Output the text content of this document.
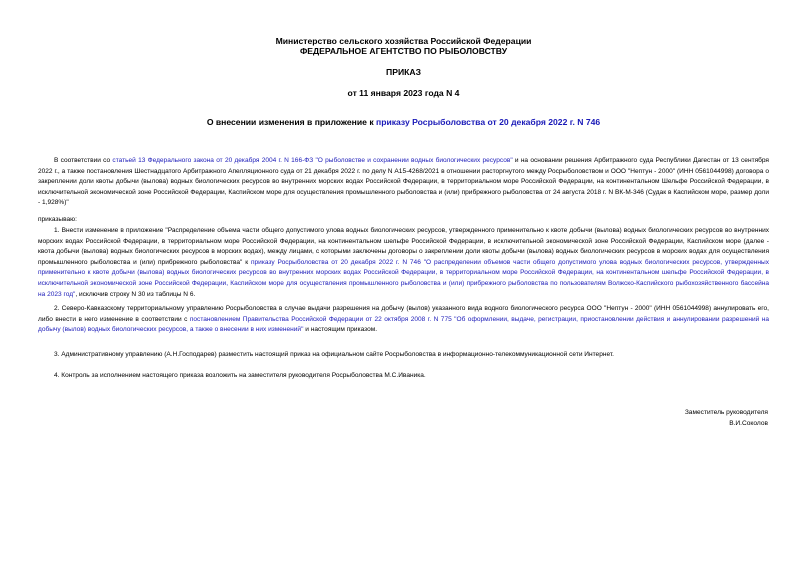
Министерство сельского хозяйства Российской Федерации
ФЕДЕРАЛЬНОЕ АГЕНТСТВО ПО РЫБОЛОВСТВУ
ПРИКАЗ
от 11 января 2023 года N 4
О внесении изменения в приложение к приказу Росрыболовства от 20 декабря 2022 г. N 746
В соответствии со статьей 13 Федерального закона от 20 декабря 2004 г. N 166-ФЗ "О рыболовстве и сохранении водных биологических ресурсов" и на основании решения Арбитражного суда Республики Дагестан от 13 сентября 2022 г., а также постановления Шестнадцатого Арбитражного Апелляционного суда от 21 декабря 2022 г. по делу N А15-4268/2021 в отношении расторгнутого между Росрыболовством и ООО "Нептун - 2000" (ИНН 0561044998) договора о закреплении доли квоты добычи (вылова) водных биологических ресурсов во внутренних морских водах Российской Федерации, в территориальном море Российской Федерации, на континентальном Шельфе Российской Федерации, в исключительной экономической зоне Российской Федерации, Каспийском море для осуществления промышленного рыболовства и (или) прибрежного рыболовства от 24 августа 2018 г. N ВК-М-346 (Судак в Каспийском море, размер доли - 1,928%)"
приказываю:
1. Внести изменение в приложение "Распределение объема части общего допустимого улова водных биологических ресурсов, утвержденного применительно к квоте добычи (вылова) водных биологических ресурсов во внутренних морских водах Российской Федерации, в территориальном море Российской Федерации, на континентальном шельфе Российской Федерации, в исключительной экономической зоне Российской Федерации, Каспийском море (далее - квота добычи (вылова) водных биологических ресурсов в морских водах), между лицами, с которыми заключены договоры о закреплении доли квоты добычи (вылова) водных биологических ресурсов в морских водах для осуществления промышленного рыболовства и (или) прибрежного рыболовства" к приказу Росрыболовства от 20 декабря 2022 г. N 746 "О распределении объемов части общего допустимого улова водных биологических ресурсов, утвержденных применительно к квоте добычи (вылова) водных биологических ресурсов во внутренних морских водах Российской Федерации, в территориальном море Российской Федерации, на континентальном шельфе Российской Федерации, в исключительной экономической зоне Российской Федерации, Каспийском море для осуществления промышленного рыболовства и (или) прибрежного рыболовства по пользователям Волжско-Каспийского рыбохозяйственного бассейна на 2023 год", исключив строку N 30 из таблицы N 6.
2. Северо-Кавказскому территориальному управлению Росрыболовства в случае выдачи разрешения на добычу (вылов) указанного вида водного биологического ресурса ООО "Нептун - 2000" (ИНН 0561044998) аннулировать его, либо внести в него изменение в соответствии с постановлением Правительства Российской Федерации от 22 октября 2008 г. N 775 "Об оформлении, выдаче, регистрации, приостановлении действия и аннулировании разрешений на добычу (вылов) водных биологических ресурсов, а также о внесении в них изменений" и настоящим приказом.
3. Административному управлению (А.Н.Господарев) разместить настоящий приказ на официальном сайте Росрыболовства в информационно-телекоммуникационной сети Интернет.
4. Контроль за исполнением настоящего приказа возложить на заместителя руководителя Росрыболовства М.С.Иваника.
Заместитель руководителя
В.И.Соколов
